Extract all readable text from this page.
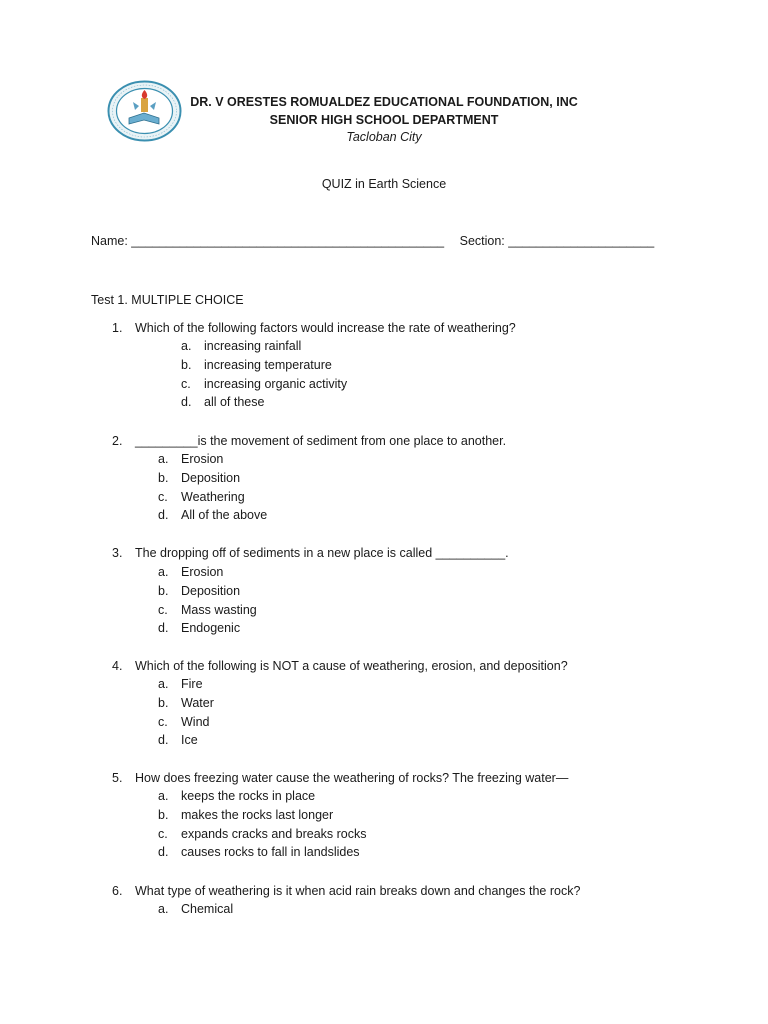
DR. V ORESTES ROMUALDEZ EDUCATIONAL FOUNDATION, INC
SENIOR HIGH SCHOOL DEPARTMENT
Tacloban City
QUIZ in Earth Science
Name: _____________________________________________ Section: _____________________
Test 1. MULTIPLE CHOICE
1. Which of the following factors would increase the rate of weathering?
a. increasing rainfall
b. increasing temperature
c. increasing organic activity
d. all of these
2. _________is the movement of sediment from one place to another.
a. Erosion
b. Deposition
c. Weathering
d. All of the above
3. The dropping off of sediments in a new place is called __________.
a. Erosion
b. Deposition
c. Mass wasting
d. Endogenic
4. Which of the following is NOT a cause of weathering, erosion, and deposition?
a. Fire
b. Water
c. Wind
d. Ice
5. How does freezing water cause the weathering of rocks? The freezing water—
a. keeps the rocks in place
b. makes the rocks last longer
c. expands cracks and breaks rocks
d. causes rocks to fall in landslides
6. What type of weathering is it when acid rain breaks down and changes the rock?
a. Chemical
